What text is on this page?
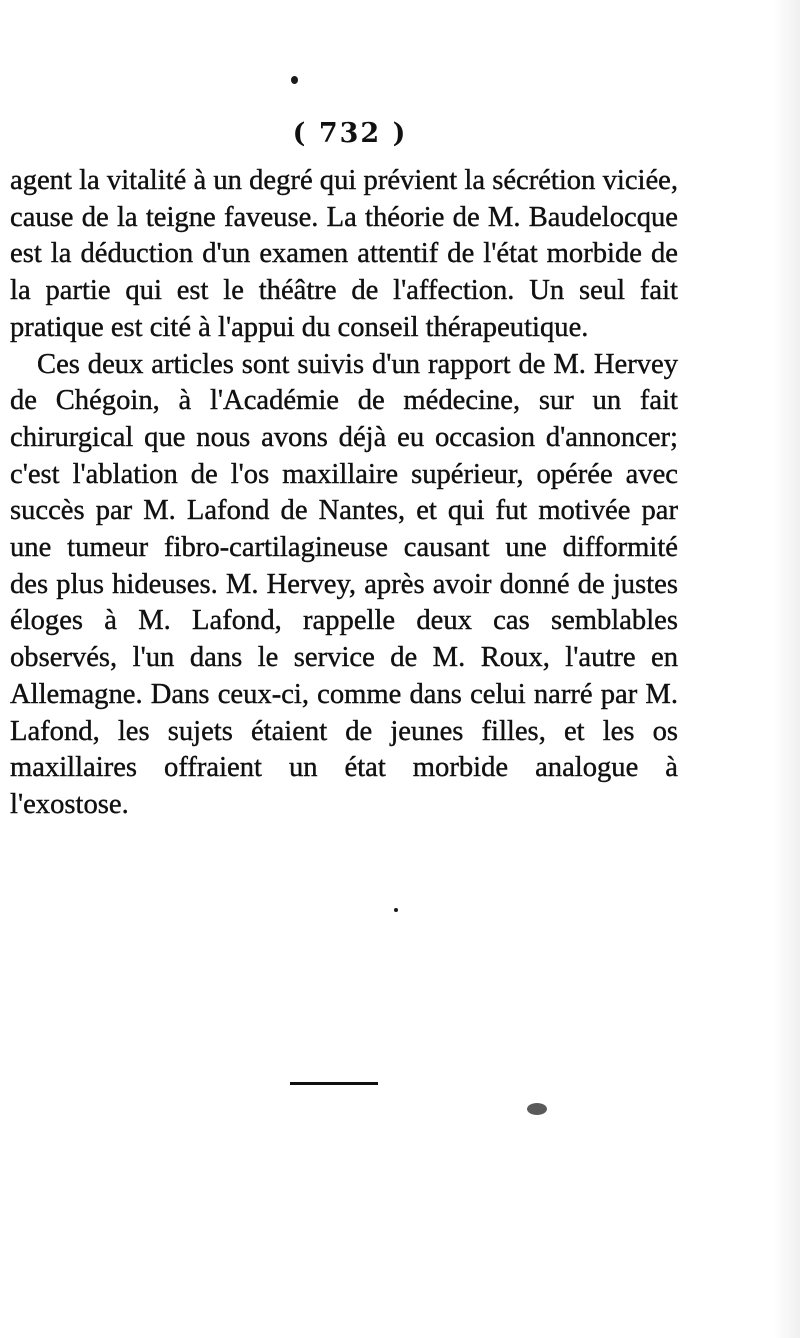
( 732 )

agent la vitalité à un degré qui prévient la sécrétion viciée, cause de la teigne faveuse. La théorie de M. Baudelocque est la déduction d'un examen attentif de l'état morbide de la partie qui est le théâtre de l'affection. Un seul fait pratique est cité à l'appui du conseil thérapeutique.

Ces deux articles sont suivis d'un rapport de M. Hervey de Chégoin, à l'Académie de médecine, sur un fait chirurgical que nous avons déjà eu occasion d'annoncer; c'est l'ablation de l'os maxillaire supérieur, opérée avec succès par M. Lafond de Nantes, et qui fut motivée par une tumeur fibro-cartilagineuse causant une difformité des plus hideuses. M. Hervey, après avoir donné de justes éloges à M. Lafond, rappelle deux cas semblables observés, l'un dans le service de M. Roux, l'autre en Allemagne. Dans ceux-ci, comme dans celui narré par M. Lafond, les sujets étaient de jeunes filles, et les os maxillaires offraient un état morbide analogue à l'exostose.
